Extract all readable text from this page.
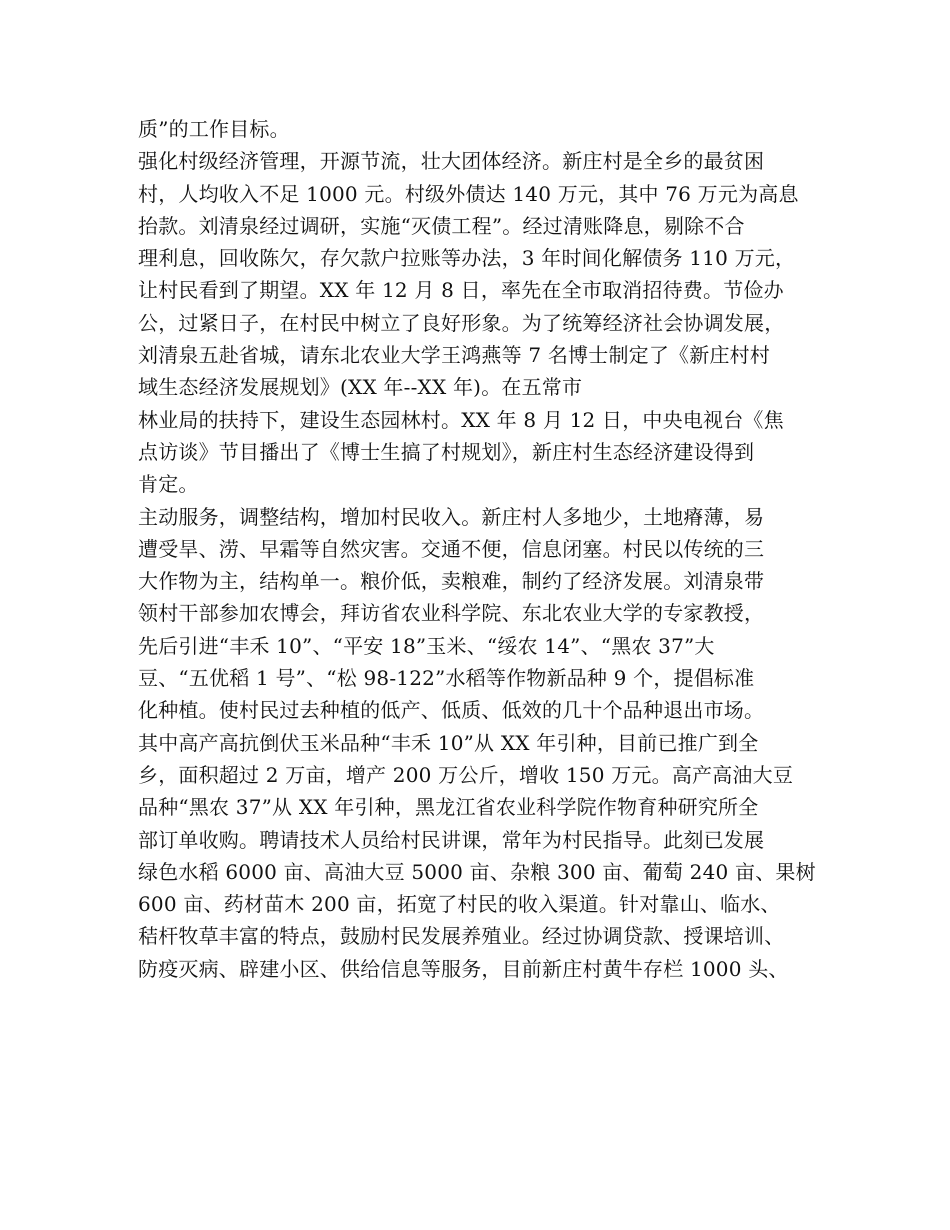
质”的工作目标。
强化村级经济管理，开源节流，壮大团体经济。新庄村是全乡的最贫困
村，人均收入不足 1000 元。村级外债达 140 万元，其中 76 万元为高息
抬款。刘清泉经过调研，实施“灭债工程”。经过清账降息，剔除不合
理利息，回收陈欠，存欠款户拉账等办法，3 年时间化解债务 110 万元，
让村民看到了期望。XX 年 12 月 8 日，率先在全市取消招待费。节俭办
公，过紧日子，在村民中树立了良好形象。为了统筹经济社会协调发展，
刘清泉五赴省城，请东北农业大学王鸿燕等 7 名博士制定了《新庄村村
域生态经济发展规划》(XX 年--XX 年)。在五常市
林业局的扶持下，建设生态园林村。XX 年 8 月 12 日，中央电视台《焦
点访谈》节目播出了《博士生搞了村规划》，新庄村生态经济建设得到
肯定。
主动服务，调整结构，增加村民收入。新庄村人多地少，土地瘠薄，易
遭受旱、涝、早霜等自然灾害。交通不便，信息闭塞。村民以传统的三
大作物为主，结构单一。粮价低，卖粮难，制约了经济发展。刘清泉带
领村干部参加农博会，拜访省农业科学院、东北农业大学的专家教授，
先后引进“丰禾 10”、“平安 18”玉米、“绥农 14”、“黑农 37”大
豆、“五优稻 1 号”、“松 98-122”水稻等作物新品种 9 个，提倡标准
化种植。使村民过去种植的低产、低质、低效的几十个品种退出市场。
其中高产高抗倒伏玉米品种“丰禾 10”从 XX 年引种，目前已推广到全
乡，面积超过 2 万亩，增产 200 万公斤，增收 150 万元。高产高油大豆
品种“黑农 37”从 XX 年引种，黑龙江省农业科学院作物育种研究所全
部订单收购。聘请技术人员给村民讲课，常年为村民指导。此刻已发展
绿色水稻 6000 亩、高油大豆 5000 亩、杂粮 300 亩、葡萄 240 亩、果树
600 亩、药材苗木 200 亩，拓宽了村民的收入渠道。针对靠山、临水、
秸杆牧草丰富的特点，鼓励村民发展养殖业。经过协调贷款、授课培训、
防疫灭病、辟建小区、供给信息等服务，目前新庄村黄牛存栏 1000 头、
